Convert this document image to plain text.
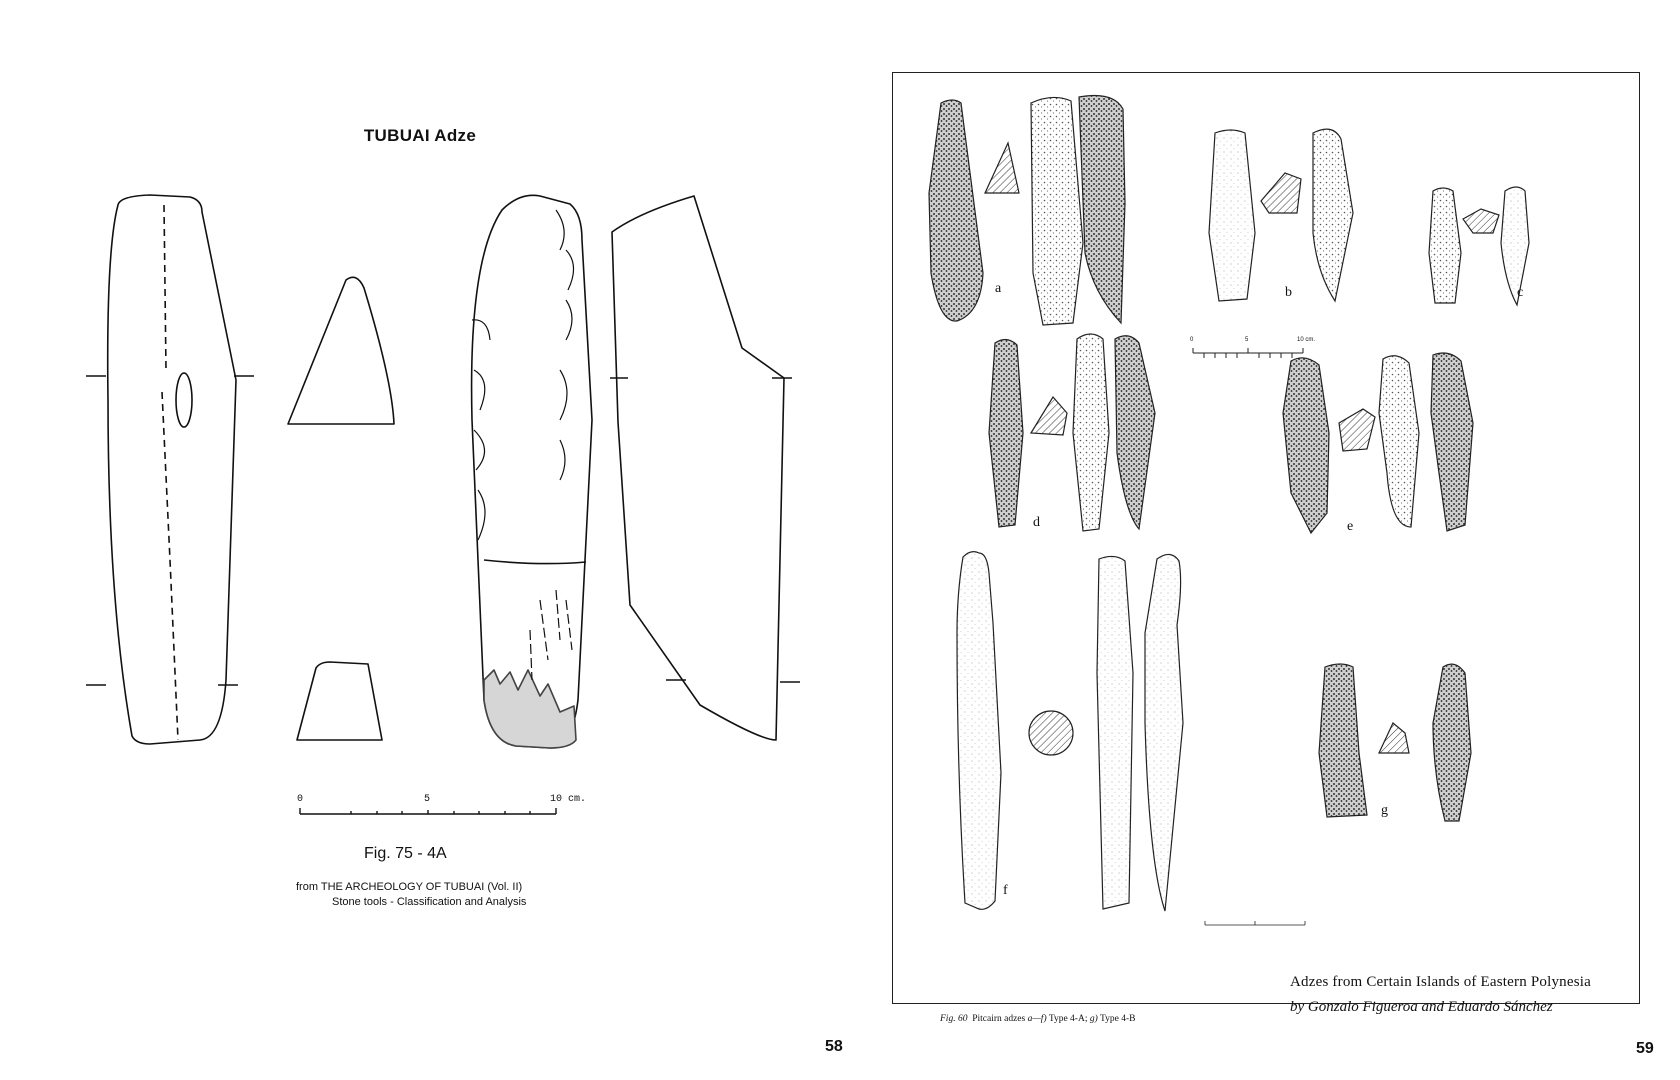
TUBUAI Adze
0	5	10 cm.
Fig. 75 - 4A
from THE ARCHEOLOGY OF TUBUAI (Vol. II)
Stone tools - Classification and Analysis
58
a	b	c
d	e
f
g
0	5	10 cm.
Adzes from Certain Islands of Eastern Polynesia
by Gonzalo Figueroa and Eduardo Sánchez
Fig. 60 Pitcairn adzes a—f) Type 4-A; g) Type 4-B
59
